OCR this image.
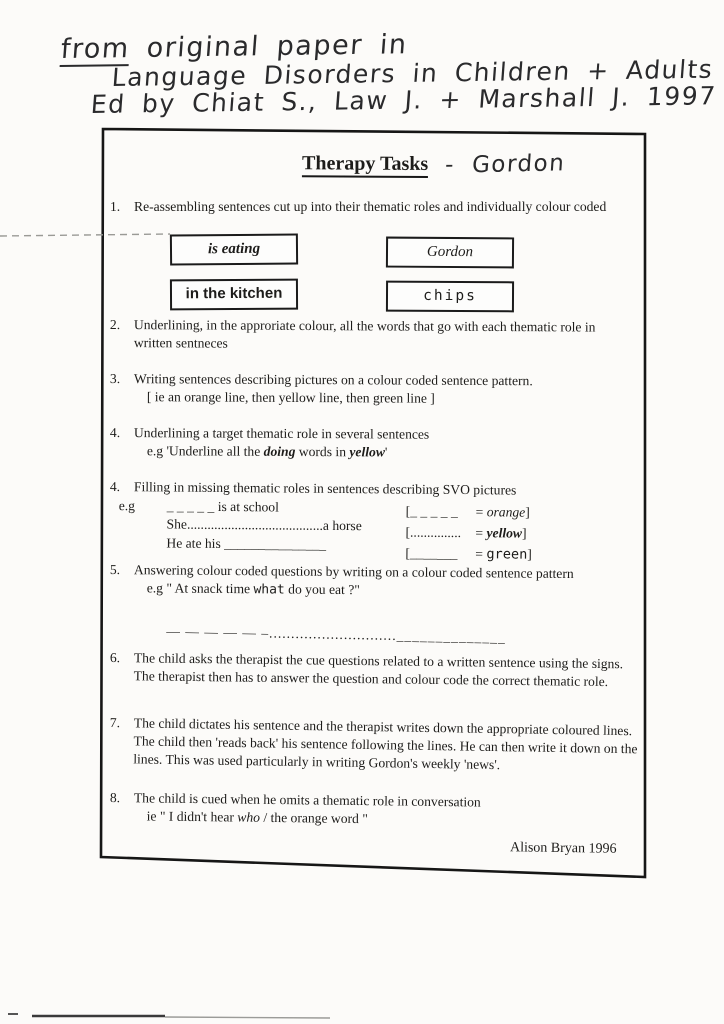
from original paper in
Language Disorders in Children + Adults
Ed by Chiat S., Law J. + Marshall J. 1997
Therapy Tasks - Gordon
1. Re-assembling sentences cut up into their thematic roles and individually colour coded
is eating	Gordon
in the kitchen	chips
2. Underlining, in the approriate colour, all the words that go with each thematic role in written sentneces
3. Writing sentences describing pictures on a colour coded sentence pattern.
[ ie an orange line, then yellow line, then green line ]
4. Underlining a target thematic role in several sentences
e.g 'Underline all the doing words in yellow'
4. Filling in missing thematic roles in sentences describing SVO pictures
e.g _ _ _ _ _ is at school
She........................................a horse
He ate his _______________
[_ _ _ _ _ = orange]
[............... = yellow]
[_______ = green]
5. Answering colour coded questions by writing on a colour coded sentence pattern
e.g " At snack time what do you eat ?"
— — — — — –.............................______________
6. The child asks the therapist the cue questions related to a written sentence using the signs. The therapist then has to answer the question and colour code the correct thematic role.
7. The child dictates his sentence and the therapist writes down the appropriate coloured lines. The child then 'reads back' his sentence following the lines. He can then write it down on the lines. This was used particularly in writing Gordon's weekly 'news'.
8. The child is cued when he omits a thematic role in conversation
ie " I didn't hear who / the orange word "
Alison Bryan 1996
